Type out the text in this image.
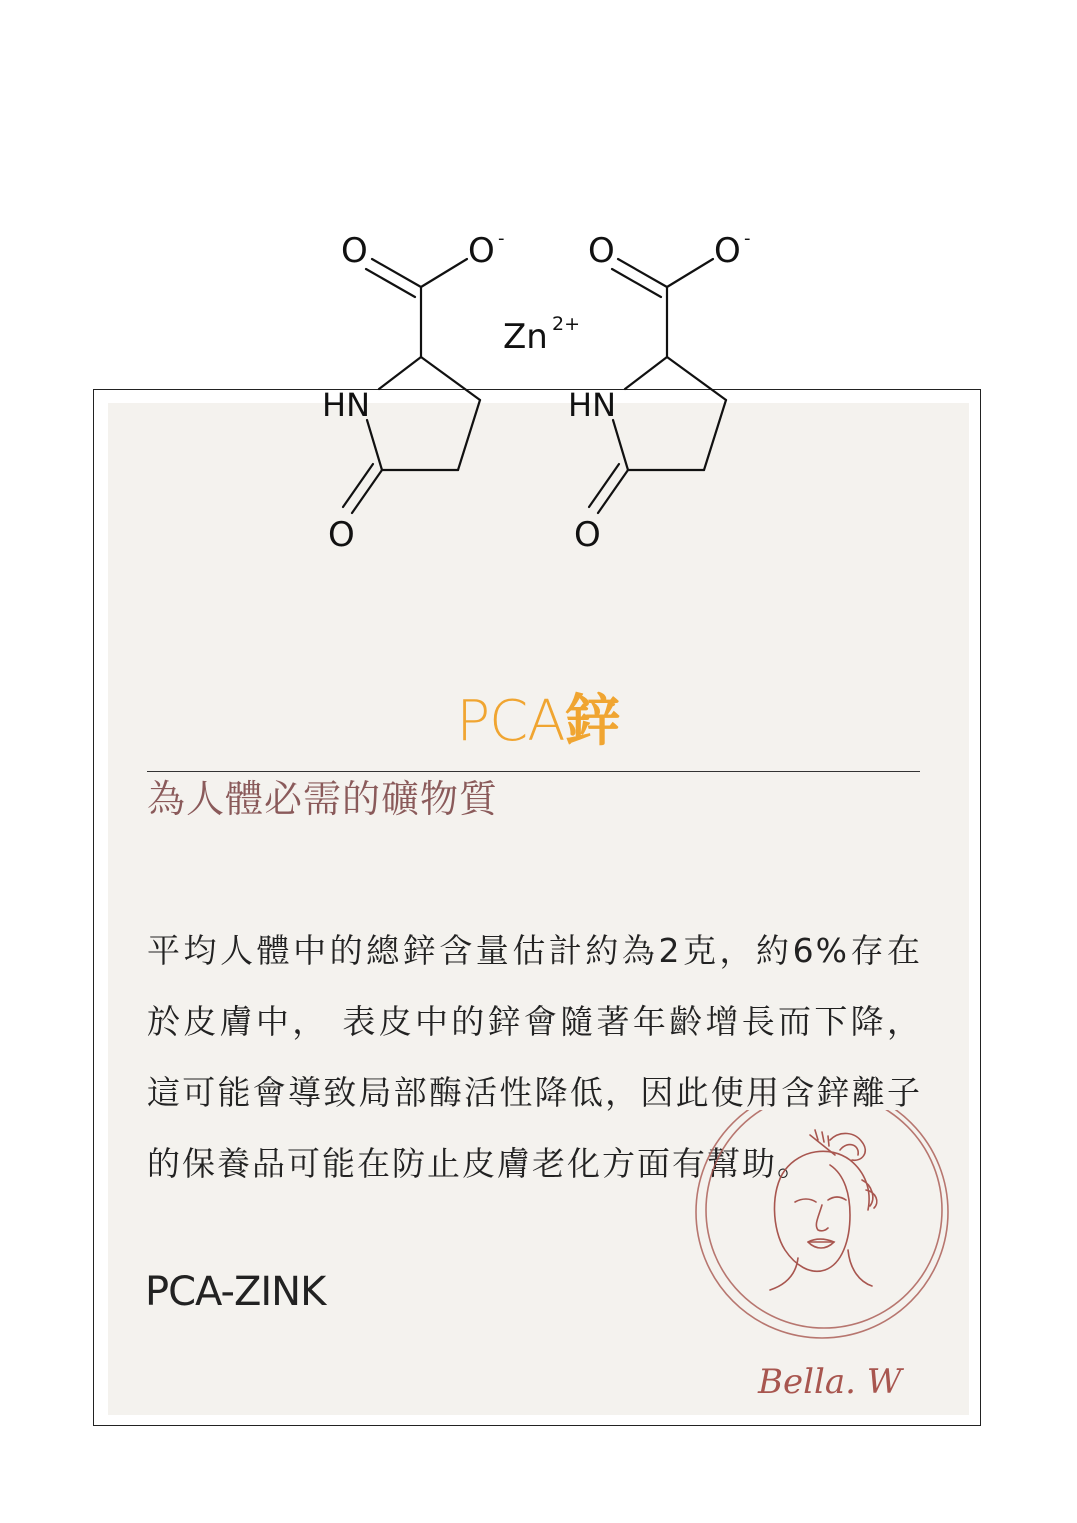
O	O - O	O -
Zn 2+
HN	HN
O	O
PCA鋅
為人體必需的礦物質
平均人體中的總鋅含量估計約為2克，約6%存在於皮膚中， 表皮中的鋅會隨著年齡增長而下降，這可能會導致局部酶活性降低，因此使用含鋅離子的保養品可能在防止皮膚老化方面有幫助。
PCA-ZINK
Bella. W
